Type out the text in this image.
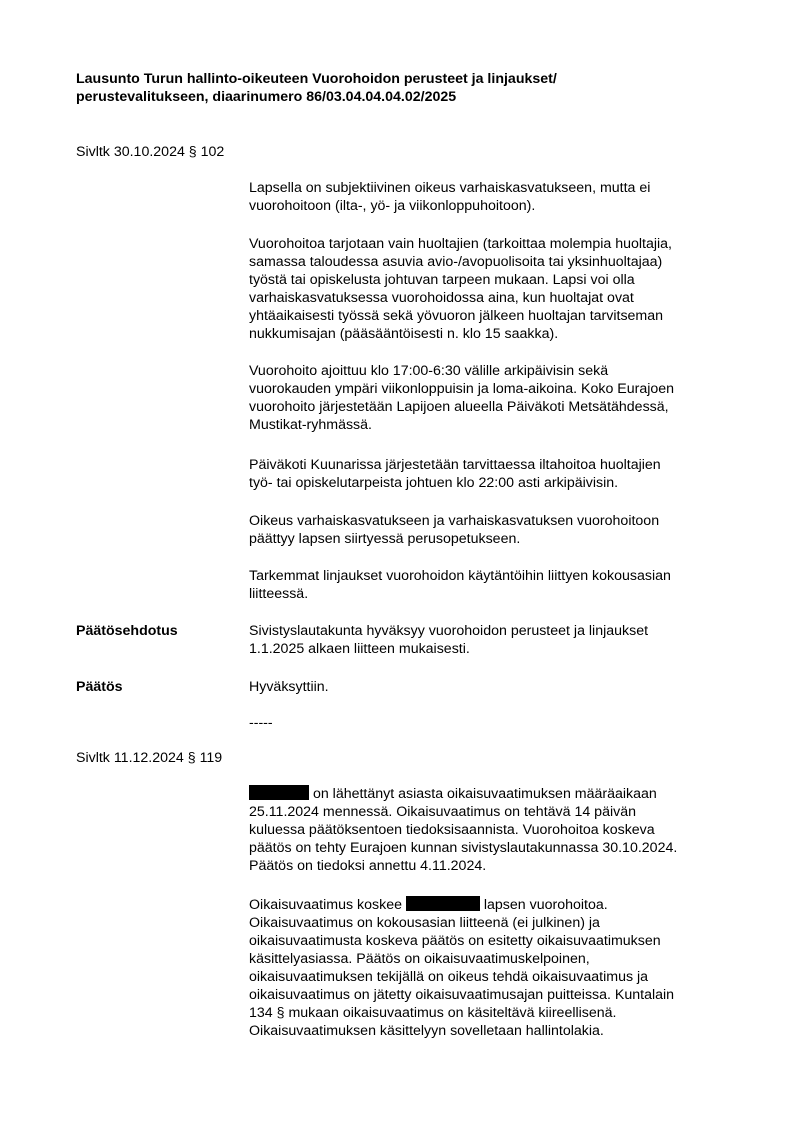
Lausunto Turun hallinto-oikeuteen Vuorohoidon perusteet ja linjaukset/
perustevalitukseen, diaarinumero 86/03.04.04.04.02/2025
Sivltk 30.10.2024 § 102
Lapsella on subjektiivinen oikeus varhaiskasvatukseen, mutta ei
vuorohoitoon (ilta-, yö- ja viikonloppuhoitoon).
Vuorohoitoa tarjotaan vain huoltajien (tarkoittaa molempia huoltajia,
samassa taloudessa asuvia avio-/avopuolisoita tai yksinhuoltajaa)
työstä tai opiskelusta johtuvan tarpeen mukaan. Lapsi voi olla
varhaiskasvatuksessa vuorohoidossa aina, kun huoltajat ovat
yhtäaikaisesti työssä sekä yövuoron jälkeen huoltajan tarvitseman
nukkumisajan (pääsääntöisesti n. klo 15 saakka).
Vuorohoito ajoittuu klo 17:00-6:30 välille arkipäivisin sekä
vuorokauden ympäri viikonloppuisin ja loma-aikoina. Koko Eurajoen
vuorohoito järjestetään Lapijoen alueella Päiväkoti Metsätähdessä,
Mustikat-ryhmässä.
Päiväkoti Kuunarissa järjestetään tarvittaessa iltahoitoa huoltajien
työ- tai opiskelutarpeista johtuen klo 22:00 asti arkipäivisin.
Oikeus varhaiskasvatukseen ja varhaiskasvatuksen vuorohoitoon
päättyy lapsen siirtyessä perusopetukseen.
Tarkemmat linjaukset vuorohoidon käytäntöihin liittyen kokousasian
liitteessä.
Päätösehdotus	Sivistyslautakunta hyväksyy vuorohoidon perusteet ja linjaukset
1.1.2025 alkaen liitteen mukaisesti.
Päätös	Hyväksyttiin.
-----
Sivltk 11.12.2024 § 119
on lähettänyt asiasta oikaisuvaatimuksen määräaikaan
25.11.2024 mennessä. Oikaisuvaatimus on tehtävä 14 päivän
kuluessa päätöksentoen tiedoksisaannista. Vuorohoitoa koskeva
päätös on tehty Eurajoen kunnan sivistyslautakunnassa 30.10.2024.
Päätös on tiedoksi annettu 4.11.2024.
Oikaisuvaatimus koskee	lapsen vuorohoitoa.
Oikaisuvaatimus on kokousasian liitteenä (ei julkinen) ja
oikaisuvaatimusta koskeva päätös on esitetty oikaisuvaatimuksen
käsittelyasiassa. Päätös on oikaisuvaatimuskelpoinen,
oikaisuvaatimuksen tekijällä on oikeus tehdä oikaisuvaatimus ja
oikaisuvaatimus on jätetty oikaisuvaatimusajan puitteissa. Kuntalain
134 § mukaan oikaisuvaatimus on käsiteltävä kiireellisenä.
Oikaisuvaatimuksen käsittelyyn sovelletaan hallintolakia.
